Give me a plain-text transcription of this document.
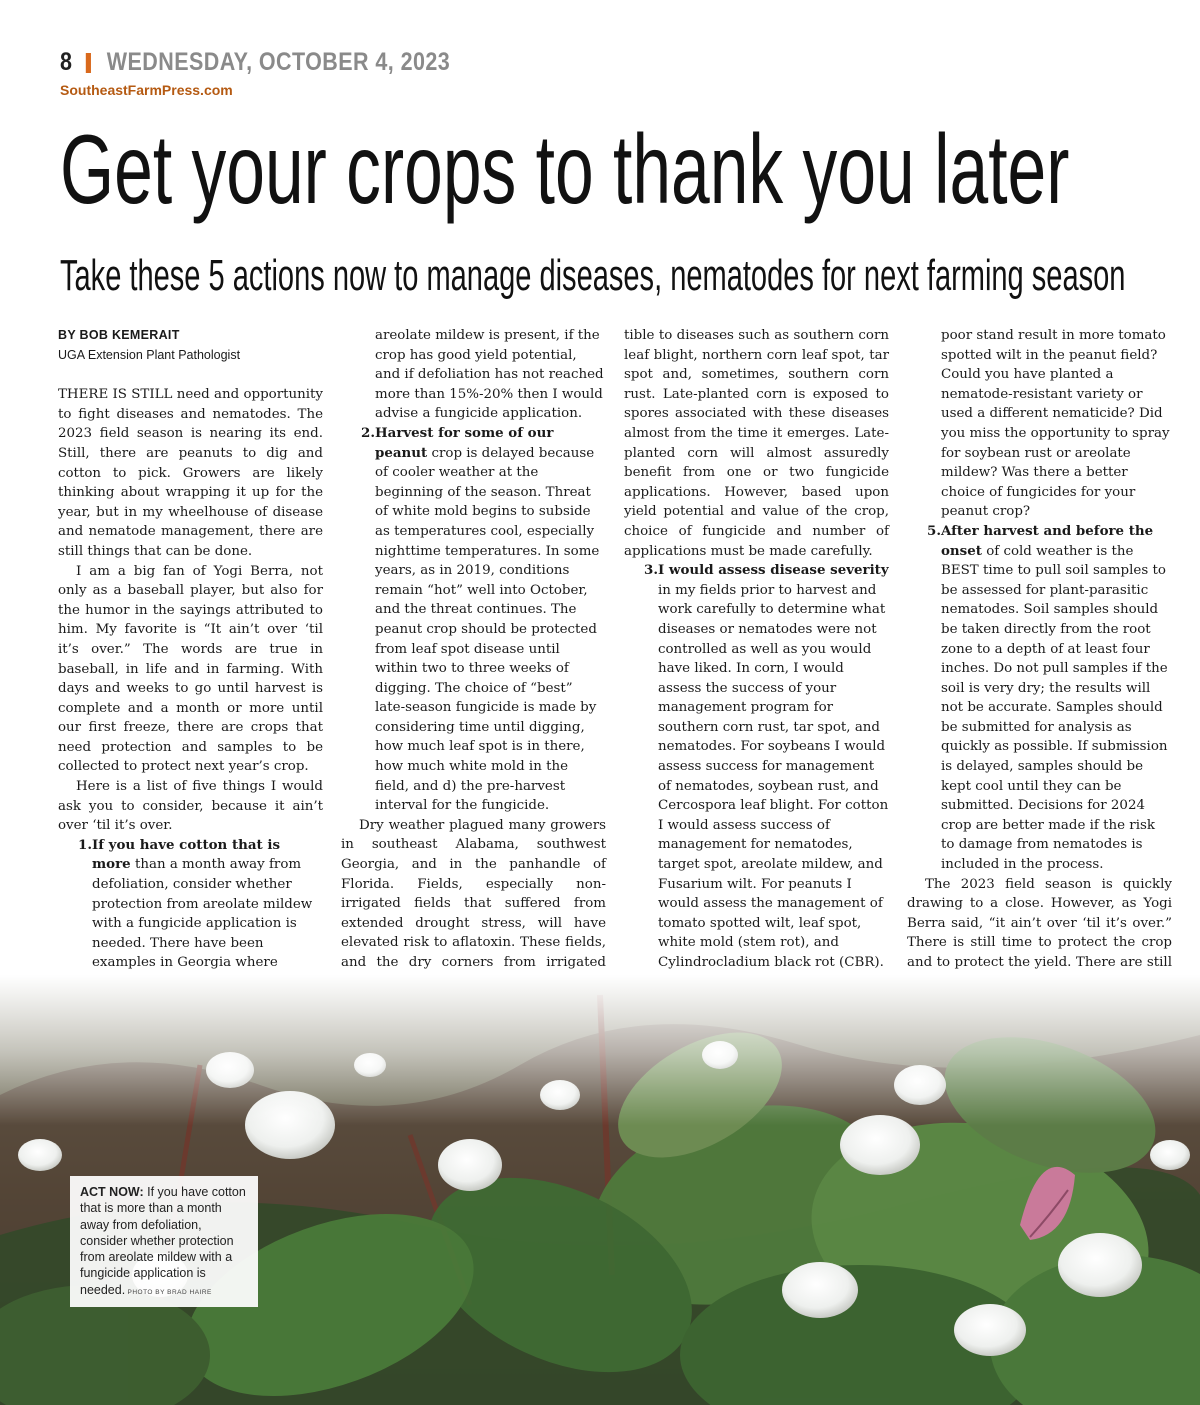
8 WEDNESDAY, OCTOBER 4, 2023
SoutheastFarmPress.com
Get your crops to thank you later
Take these 5 actions now to manage diseases, nematodes for next farming season

BY BOB KEMERAIT

UGA Extension Plant Pathologist

THERE IS STILL need and opportunity to fight diseases and nematodes. The 2023 field season is nearing its end. Still, there are peanuts to dig and cotton to pick. Growers are likely thinking about wrapping it up for the year, but in my wheelhouse of disease and nematode management, there are still things that can be done.

I am a big fan of Yogi Berra, not only as a baseball player, but also for the humor in the sayings attributed to him. My favorite is “It ain’t over ‘til it’s over.” The words are true in baseball, in life and in farming. With days and weeks to go until harvest is complete and a month or more until our first freeze, there are crops that need protection and samples to be collected to protect next year’s crop.

Here is a list of five things I would ask you to consider, because it ain’t over ‘til it’s over.

1. If you have cotton that is more than a month away from defoliation, consider whether protection from areolate mildew with a fungicide application is needed. There have been examples in Georgia where

areolate mildew is present, if the crop has good yield potential, and if defoliation has not reached more than 15%-20% then I would advise a fungicide application.

2. Harvest for some of our peanut crop is delayed because of cooler weather at the beginning of the season. Threat of white mold begins to subside as temperatures cool, especially nighttime temperatures. In some years, as in 2019, conditions remain “hot” well into October, and the threat continues. The peanut crop should be protected from leaf spot disease until within two to three weeks of digging. The choice of “best” late-season fungicide is made by considering time until digging, how much leaf spot is in there, how much white mold in the field, and d) the pre-harvest interval for the fungicide.

Dry weather plagued many growers in southeast Alabama, southwest Georgia, and in the panhandle of Florida. Fields, especially non-irrigated fields that suffered from extended drought stress, will have elevated risk to aflatoxin. These fields, and the dry corners from irrigated

tible to diseases such as southern corn leaf blight, northern corn leaf spot, tar spot and, sometimes, southern corn rust. Late-planted corn is exposed to spores associated with these diseases almost from the time it emerges. Late-planted corn will almost assuredly benefit from one or two fungicide applications. However, based upon yield potential and value of the crop, choice of fungicide and number of applications must be made carefully.

3. I would assess disease severity in my fields prior to harvest and work carefully to determine what diseases or nematodes were not controlled as well as you would have liked. In corn, I would assess the success of your management program for southern corn rust, tar spot, and nematodes. For soybeans I would assess success for management of nematodes, soybean rust, and Cercospora leaf blight. For cotton I would assess success of management for nematodes, target spot, areolate mildew, and Fusarium wilt. For peanuts I would assess the management of tomato spotted wilt, leaf spot, white mold (stem rot), and Cylindrocladium black rot (CBR).

poor stand result in more tomato spotted wilt in the peanut field? Could you have planted a nematode-resistant variety or used a different nematicide? Did you miss the opportunity to spray for soybean rust or areolate mildew? Was there a better choice of fungicides for your peanut crop?

5. After harvest and before the onset of cold weather is the BEST time to pull soil samples to be assessed for plant-parasitic nematodes. Soil samples should be taken directly from the root zone to a depth of at least four inches. Do not pull samples if the soil is very dry; the results will not be accurate. Samples should be submitted for analysis as quickly as possible. If submission is delayed, samples should be kept cool until they can be submitted. Decisions for 2024 crop are better made if the risk to damage from nematodes is included in the process.

The 2023 field season is quickly drawing to a close. However, as Yogi Berra said, “it ain’t over ‘til it’s over.” There is still time to protect the crop and to protect the yield. There are still

ACT NOW: If you have cotton that is more than a month away from defoliation, consider whether protection from areolate mildew with a fungicide application is needed. PHOTO BY BRAD HAIRE
